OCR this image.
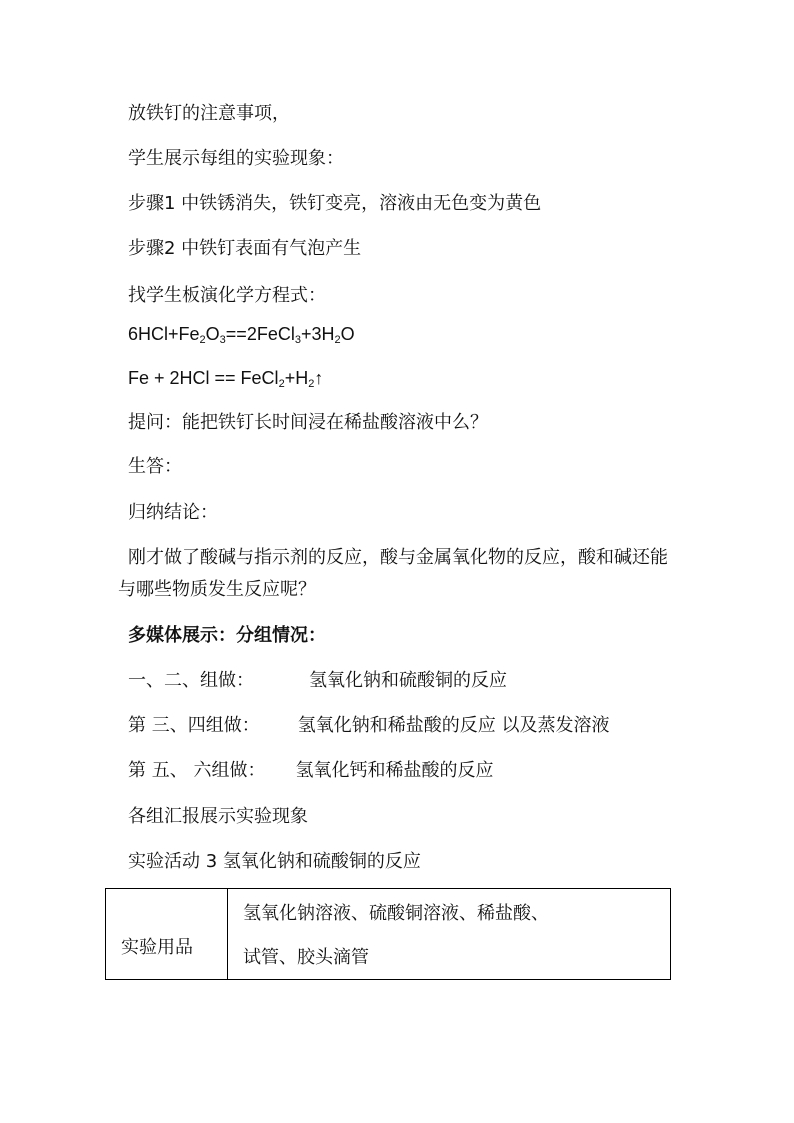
放铁钉的注意事项，
学生展示每组的实验现象：
步骤1 中铁锈消失，铁钉变亮，溶液由无色变为黄色
步骤2 中铁钉表面有气泡产生
找学生板演化学方程式：
$6HCl+Fe_2O_3==2FeCl_3+3H_2O$
$Fe + 2HCl == FeCl_2+H_2↑$
提问：能把铁钉长时间浸在稀盐酸溶液中么？
生答：
归纳结论：
刚才做了酸碱与指示剂的反应，酸与金属氧化物的反应，酸和碱还能与哪些物质发生反应呢？
多媒体展示：分组情况：
一、二、组做：	氢氧化钠和硫酸铜的反应
第 三、四组做： 氢氧化钠和稀盐酸的反应 以及蒸发溶液
第 五、 六组做： 氢氧化钙和稀盐酸的反应
各组汇报展示实验现象
实验活动 3 氢氧化钠和硫酸铜的反应
实验用品
氢氧化钠溶液、硫酸铜溶液、稀盐酸、
试管、胶头滴管
